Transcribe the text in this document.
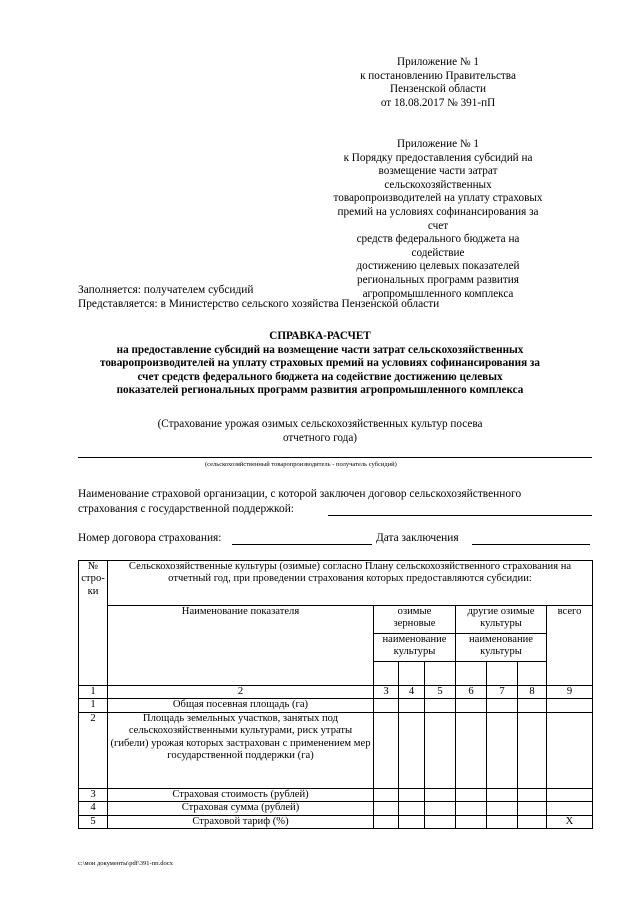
Приложение № 1
к постановлению Правительства
Пензенской области
от 18.08.2017 № 391-пП
Приложение № 1
к Порядку предоставления субсидий на
возмещение части затрат сельскохозяйственных
товаропроизводителей на уплату страховых
премий на условиях софинансирования за счет
средств федерального бюджета на содействие
достижению целевых показателей
региональных программ развития
агропромышленного комплекса
Заполняется: получателем субсидий
Представляется: в Министерство сельского хозяйства Пензенской области
СПРАВКА-РАСЧЕТ
на предоставление субсидий на возмещение части затрат сельскохозяйственных
товаропроизводителей на уплату страховых премий на условиях софинансирования за
счет средств федерального бюджета на содействие достижению целевых
показателей региональных программ развития агропромышленного комплекса
(Страхование урожая озимых сельскохозяйственных культур посева
отчетного года)
(сельскохозяйственный товаропроизводитель - получатель субсидий)
Наименование страховой организации, с которой заключен договор сельскохозяйственного
страхования с государственной поддержкой:
Номер договора страхования:	Дата заключения
№ стро-ки	Сельскохозяйственные культуры (озимые) согласно Плану сельскохозяйственного страхования на отчетный год, при проведении страхования которых предоставляются субсидии:							
	Наименование показателя	озимые зерновые			другие озимые культуры			всего
		наименование культуры			наименование культуры			

1	2	3	4	5	6	7	8	9
1	Общая посевная площадь (га)							
2	Площадь земельных участков, занятых под сельскохозяйственными культурами, риск утраты (гибели) урожая которых застрахован с применением мер государственной поддержки (га)							
3	Страховая стоимость (рублей)							
4	Страховая сумма (рублей)							
5	Страховой тариф (%)							Х
c:\мои документы\pdf\391-пп.docx
